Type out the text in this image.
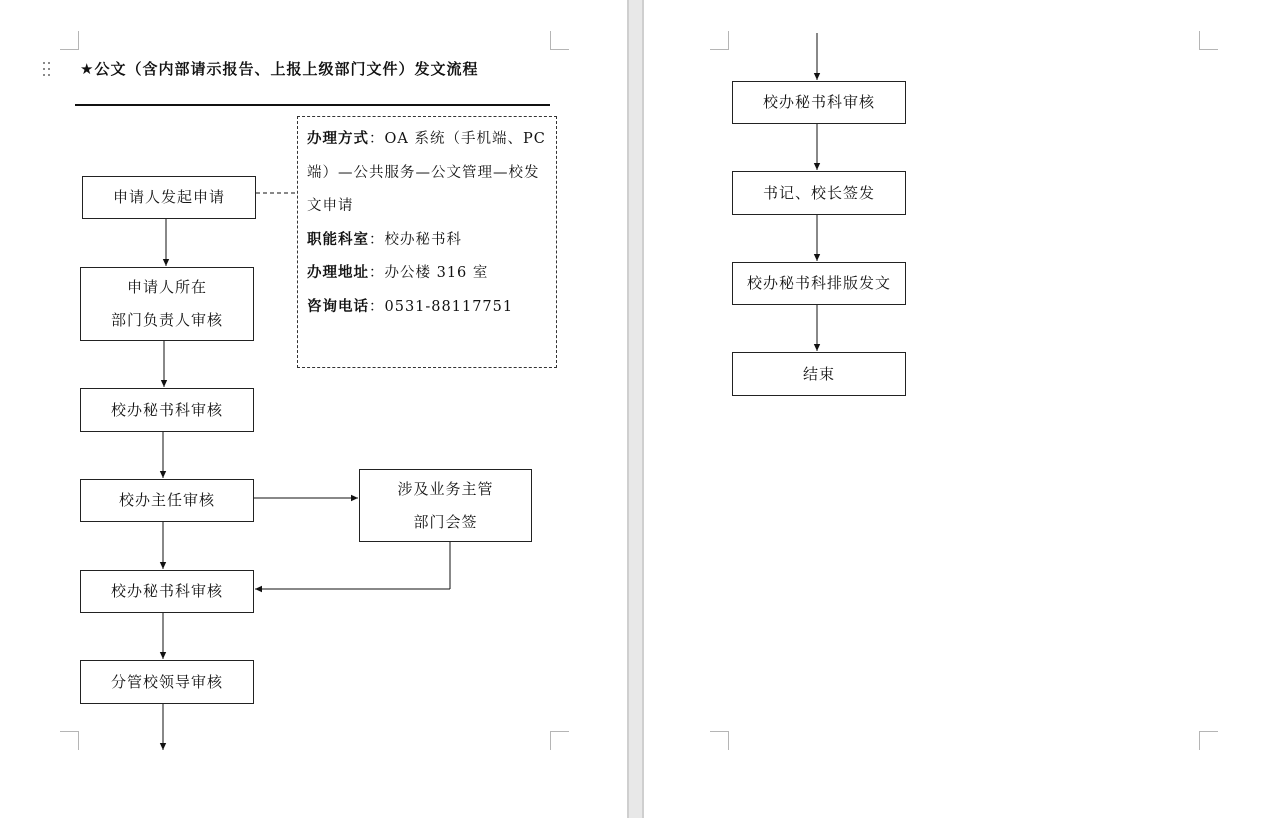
★公文（含内部请示报告、上报上级部门文件）发文流程
办理方式：OA 系统（手机端、PC 端）—公共服务—公文管理—校发文申请
职能科室：校办秘书科
办理地址：办公楼 316 室
咨询电话：0531-88117751
申请人发起申请
申请人所在
部门负责人审核
校办秘书科审核
校办主任审核
涉及业务主管
部门会签
校办秘书科审核
分管校领导审核
校办秘书科审核
书记、校长签发
校办秘书科排版发文
结束
